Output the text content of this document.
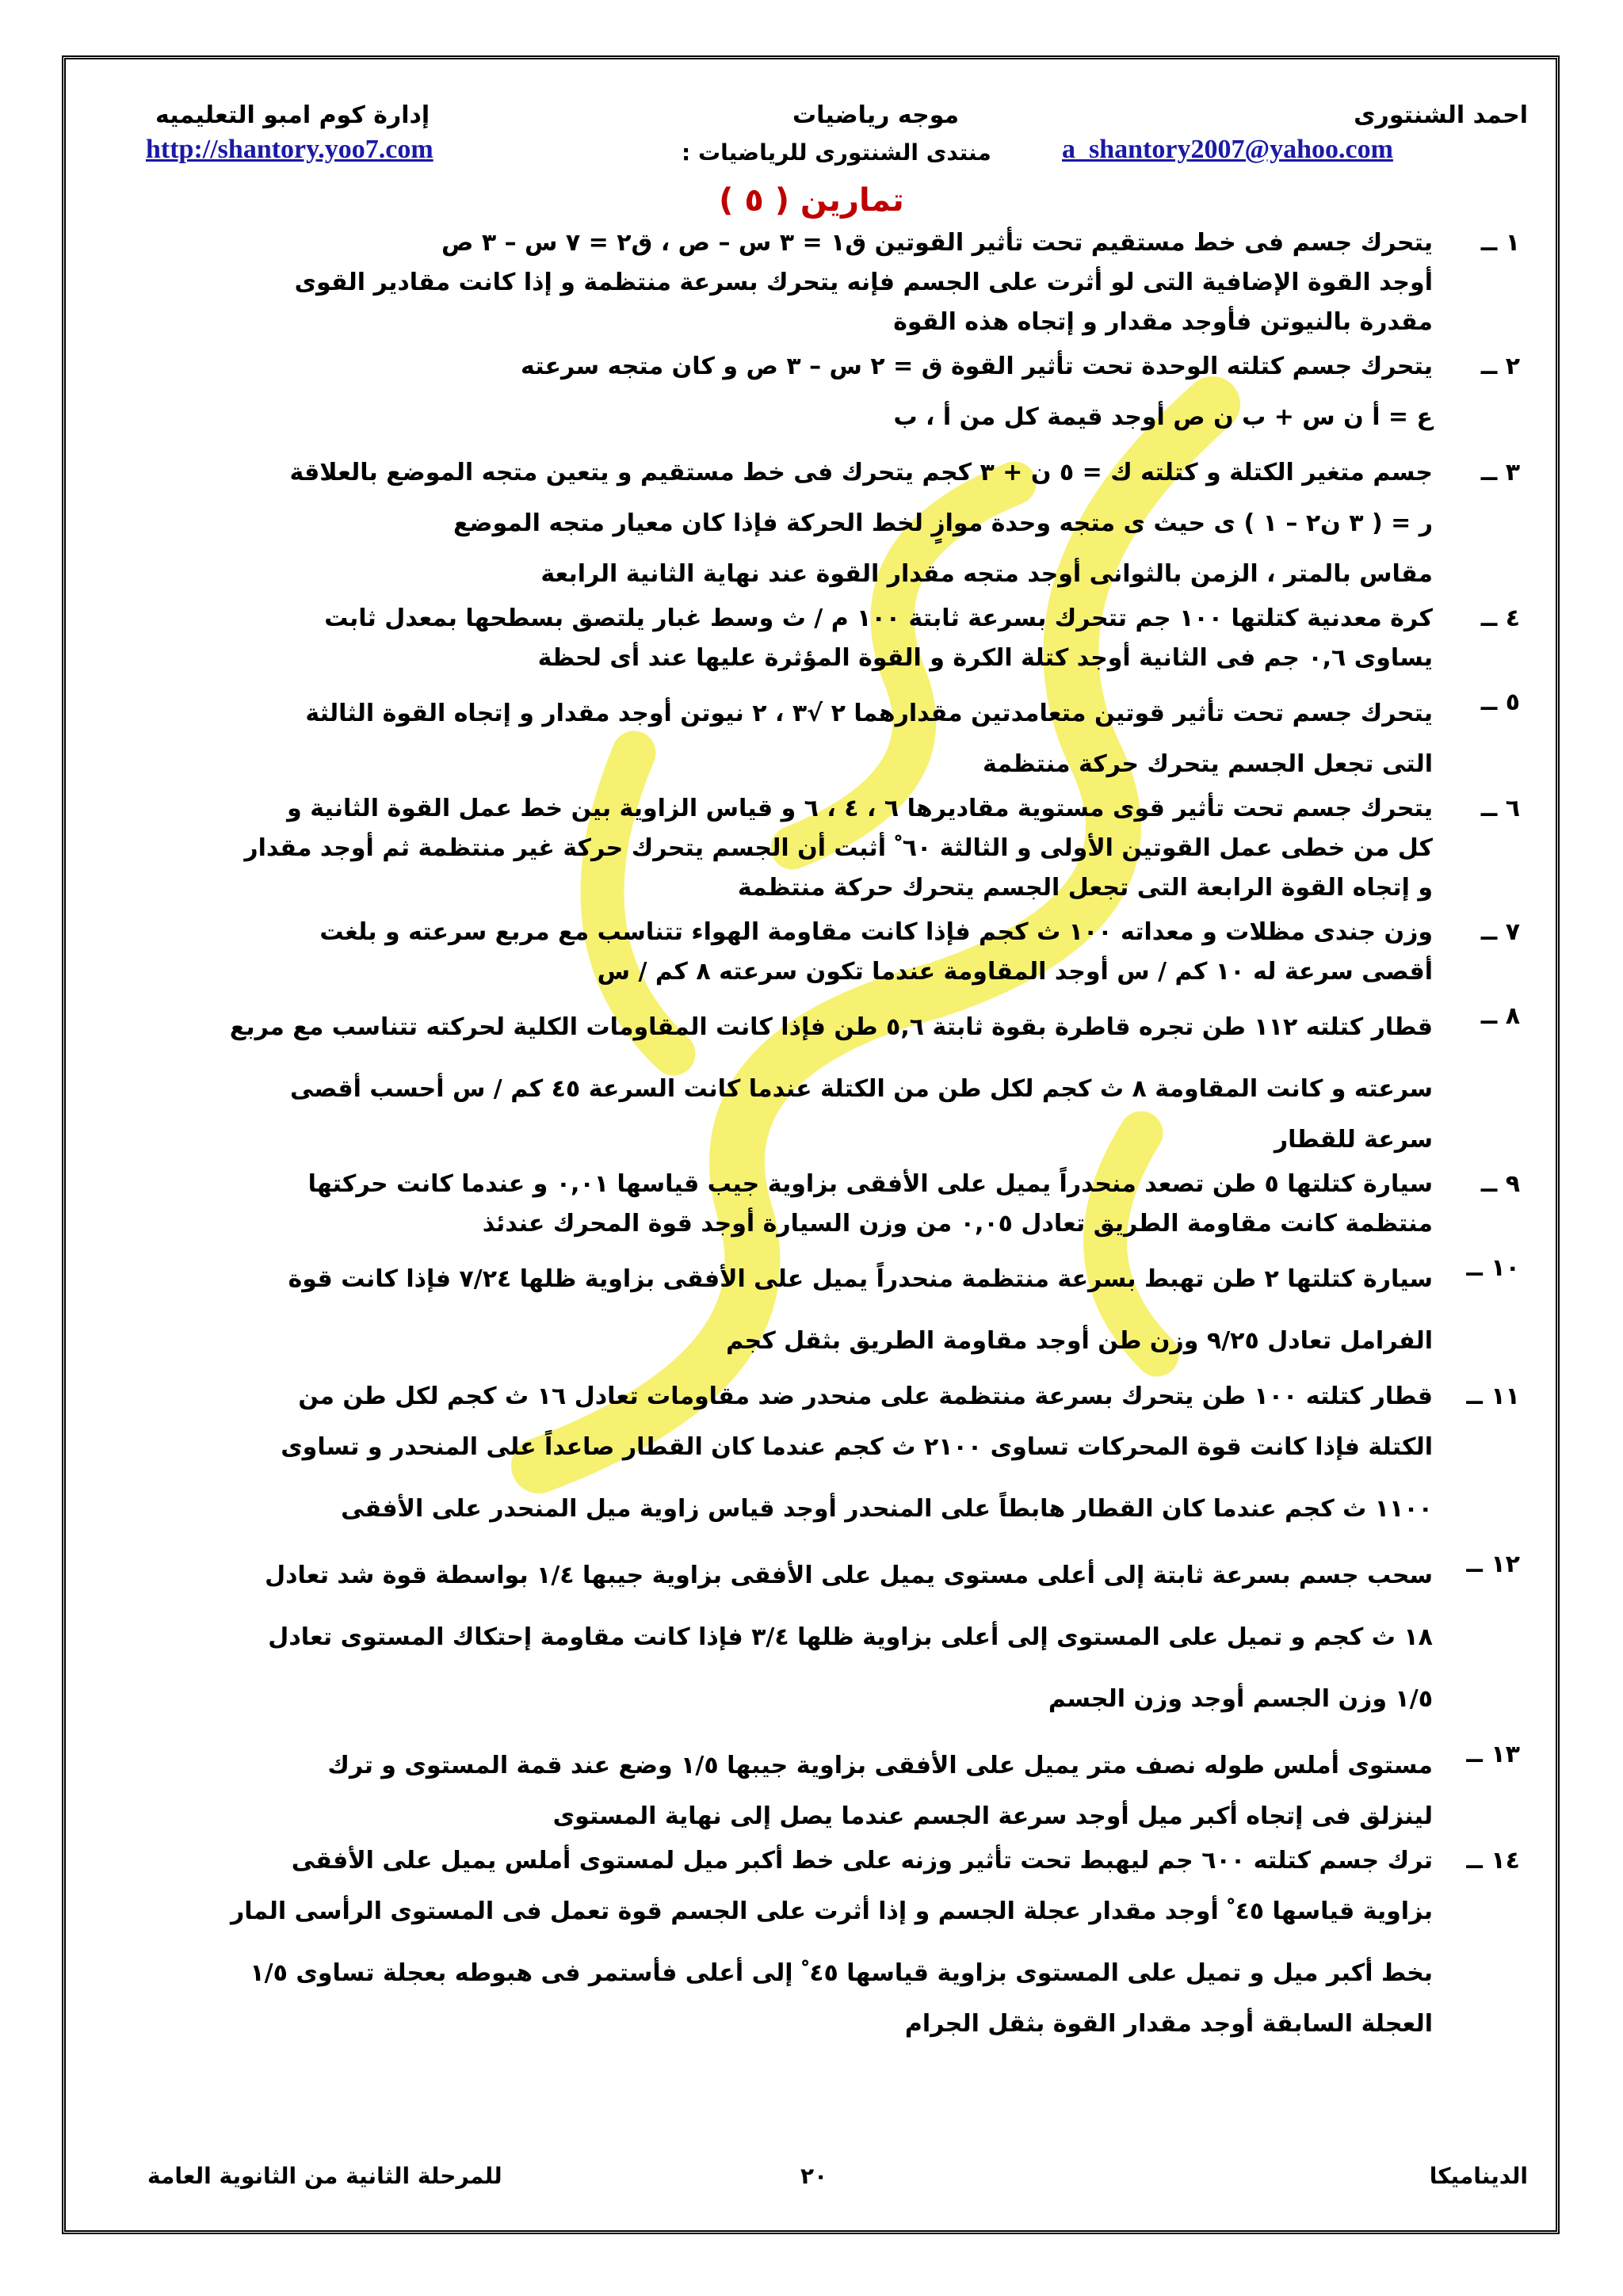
احمد الشنتورى
موجه رياضيات
إدارة كوم امبو التعليميه
a_shantory2007@yahoo.com
منتدى الشنتورى للرياضيات :
http://shantory.yoo7.com
تمارين ( ٥ )
١ ــ
يتحرك جسم فى خط مستقيم تحت تأثير القوتين ق١ = ٣ س – ص ، ق٢ = ٧ س – ٣ ص
أوجد القوة الإضافية التى لو أثرت على الجسم فإنه يتحرك بسرعة منتظمة و إذا كانت مقادير القوى
مقدرة بالنيوتن فأوجد مقدار و إتجاه هذه القوة
٢ ــ
يتحرك جسم كتلته الوحدة تحت تأثير القوة ق = ٢ س – ٣ ص و كان متجه سرعته
ع = أ ن س + ب ن ص أوجد قيمة كل من أ ، ب
٣ ــ
جسم متغير الكتلة و كتلته ك = ٥ ن + ٣ كجم يتحرك فى خط مستقيم و يتعين متجه الموضع بالعلاقة
ر = ( ٣ ن٢ – ١ ) ى حيث ى متجه وحدة موازٍ لخط الحركة فإذا كان معيار متجه الموضع
مقاس بالمتر ، الزمن بالثوانى أوجد متجه مقدار القوة عند نهاية الثانية الرابعة
٤ ــ
كرة معدنية كتلتها ١٠٠ جم تتحرك بسرعة ثابتة ١٠٠ م / ث وسط غبار يلتصق بسطحها بمعدل ثابت
يساوى ٠,٦ جم فى الثانية أوجد كتلة الكرة و القوة المؤثرة عليها عند أى لحظة
٥ ــ
يتحرك جسم تحت تأثير قوتين متعامدتين مقدارهما ٢ √٣ ، ٢ نيوتن أوجد مقدار و إتجاه القوة الثالثة
التى تجعل الجسم يتحرك حركة منتظمة
٦ ــ
يتحرك جسم تحت تأثير قوى مستوية مقاديرها ٦ ، ٤ ، ٦ و قياس الزاوية بين خط عمل القوة الثانية و
كل من خطى عمل القوتين الأولى و الثالثة ٦٠ ْ أثبت أن الجسم يتحرك حركة غير منتظمة ثم أوجد مقدار
و إتجاه القوة الرابعة التى تجعل الجسم يتحرك حركة منتظمة
٧ ــ
وزن جندى مظلات و معداته ١٠٠ ث كجم فإذا كانت مقاومة الهواء تتناسب مع مربع سرعته و بلغت
أقصى سرعة له ١٠ كم / س أوجد المقاومة عندما تكون سرعته ٨ كم / س
٨ ــ
قطار كتلته ١١٢ طن تجره قاطرة بقوة ثابتة ٥,٦ طن فإذا كانت المقاومات الكلية لحركته تتناسب مع مربع
سرعته و كانت المقاومة ٨ ث كجم لكل طن من الكتلة عندما كانت السرعة ٤٥ كم / س أحسب أقصى
سرعة للقطار
٩ ــ
سيارة كتلتها ٥ طن تصعد منحدراً يميل على الأفقى بزاوية جيب قياسها ٠,٠١ و عندما كانت حركتها
منتظمة كانت مقاومة الطريق تعادل ٠,٠٥ من وزن السيارة أوجد قوة المحرك عندئذ
١٠ ــ
سيارة كتلتها ٢ طن تهبط بسرعة منتظمة منحدراً يميل على الأفقى بزاوية ظلها ٧/٢٤ فإذا كانت قوة
الفرامل تعادل ٩/٢٥ وزن طن أوجد مقاومة الطريق بثقل كجم
١١ ــ
قطار كتلته ١٠٠ طن يتحرك بسرعة منتظمة على منحدر ضد مقاومات تعادل ١٦ ث كجم لكل طن من
الكتلة فإذا كانت قوة المحركات تساوى ٢١٠٠ ث كجم عندما كان القطار صاعداً على المنحدر و تساوى
١١٠٠ ث كجم عندما كان القطار هابطاً على المنحدر أوجد قياس زاوية ميل المنحدر على الأفقى
١٢ ــ
سحب جسم بسرعة ثابتة إلى أعلى مستوى يميل على الأفقى بزاوية جيبها ١/٤ بواسطة قوة شد تعادل
١٨ ث كجم و تميل على المستوى إلى أعلى بزاوية ظلها ٣/٤ فإذا كانت مقاومة إحتكاك المستوى تعادل
١/٥ وزن الجسم أوجد وزن الجسم
١٣ ــ
مستوى أملس طوله نصف متر يميل على الأفقى بزاوية جيبها ١/٥ وضع عند قمة المستوى و ترك
لينزلق فى إتجاه أكبر ميل أوجد سرعة الجسم عندما يصل إلى نهاية المستوى
١٤ ــ
ترك جسم كتلته ٦٠٠ جم ليهبط تحت تأثير وزنه على خط أكبر ميل لمستوى أملس يميل على الأفقى
بزاوية قياسها ٤٥ ْ أوجد مقدار عجلة الجسم و إذا أثرت على الجسم قوة تعمل فى المستوى الرأسى المار
بخط أكبر ميل و تميل على المستوى بزاوية قياسها ٤٥ ْ إلى أعلى فأستمر فى هبوطه بعجلة تساوى ١/٥
العجلة السابقة أوجد مقدار القوة بثقل الجرام
الديناميكا
٢٠
للمرحلة الثانية من الثانوية العامة
